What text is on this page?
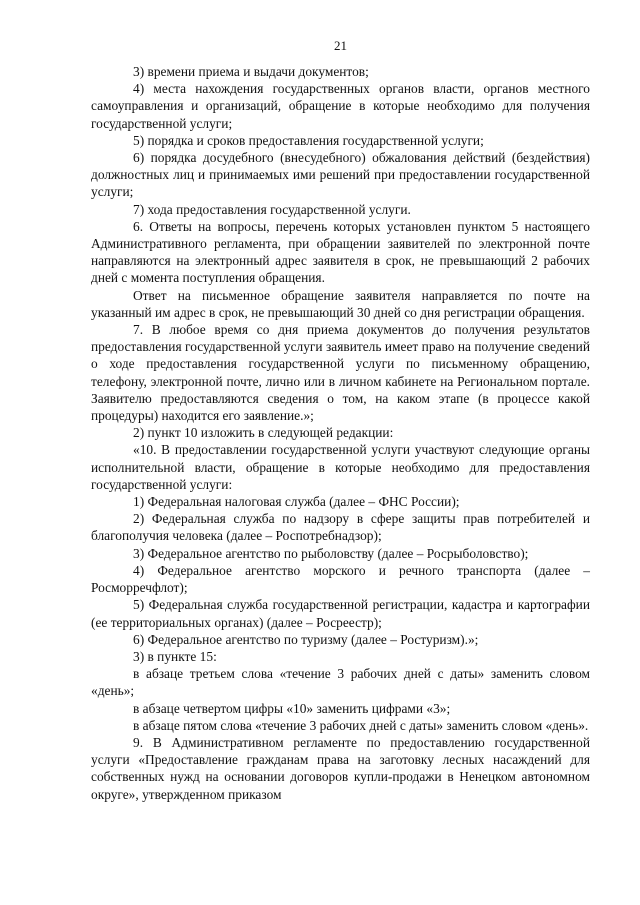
21

3) времени приема и выдачи документов;

4) места нахождения государственных органов власти, органов местного самоуправления и организаций, обращение в которые необходимо для получения государственной услуги;

5) порядка и сроков предоставления государственной услуги;

6) порядка досудебного (внесудебного) обжалования действий (бездействия) должностных лиц и принимаемых ими решений при предоставлении государственной услуги;

7) хода предоставления государственной услуги.

6. Ответы на вопросы, перечень которых установлен пунктом 5 настоящего Административного регламента, при обращении заявителей по электронной почте направляются на электронный адрес заявителя в срок, не превышающий 2 рабочих дней с момента поступления обращения.

Ответ на письменное обращение заявителя направляется по почте на указанный им адрес в срок, не превышающий 30 дней со дня регистрации обращения.

7. В любое время со дня приема документов до получения результатов предоставления государственной услуги заявитель имеет право на получение сведений о ходе предоставления государственной услуги по письменному обращению, телефону, электронной почте, лично или в личном кабинете на Региональном портале. Заявителю предоставляются сведения о том, на каком этапе (в процессе какой процедуры) находится его заявление.»;

2) пункт 10 изложить в следующей редакции:

«10. В предоставлении государственной услуги участвуют следующие органы исполнительной власти, обращение в которые необходимо для предоставления государственной услуги:

1) Федеральная налоговая служба (далее – ФНС России);

2) Федеральная служба по надзору в сфере защиты прав потребителей и благополучия человека (далее – Роспотребнадзор);

3) Федеральное агентство по рыболовству (далее – Росрыболовство);

4) Федеральное агентство морского и речного транспорта (далее – Росморречфлот);

5) Федеральная служба государственной регистрации, кадастра и картографии (ее территориальных органах) (далее – Росреестр);

6) Федеральное агентство по туризму (далее – Ростуризм).»;

3) в пункте 15:

в абзаце третьем слова «течение 3 рабочих дней с даты» заменить словом «день»;

в абзаце четвертом цифры «10» заменить цифрами «3»;

в абзаце пятом слова «течение 3 рабочих дней с даты» заменить словом «день».

9. В Административном регламенте по предоставлению государственной услуги «Предоставление гражданам права на заготовку лесных насаждений для собственных нужд на основании договоров купли-продажи в Ненецком автономном округе», утвержденном приказом
